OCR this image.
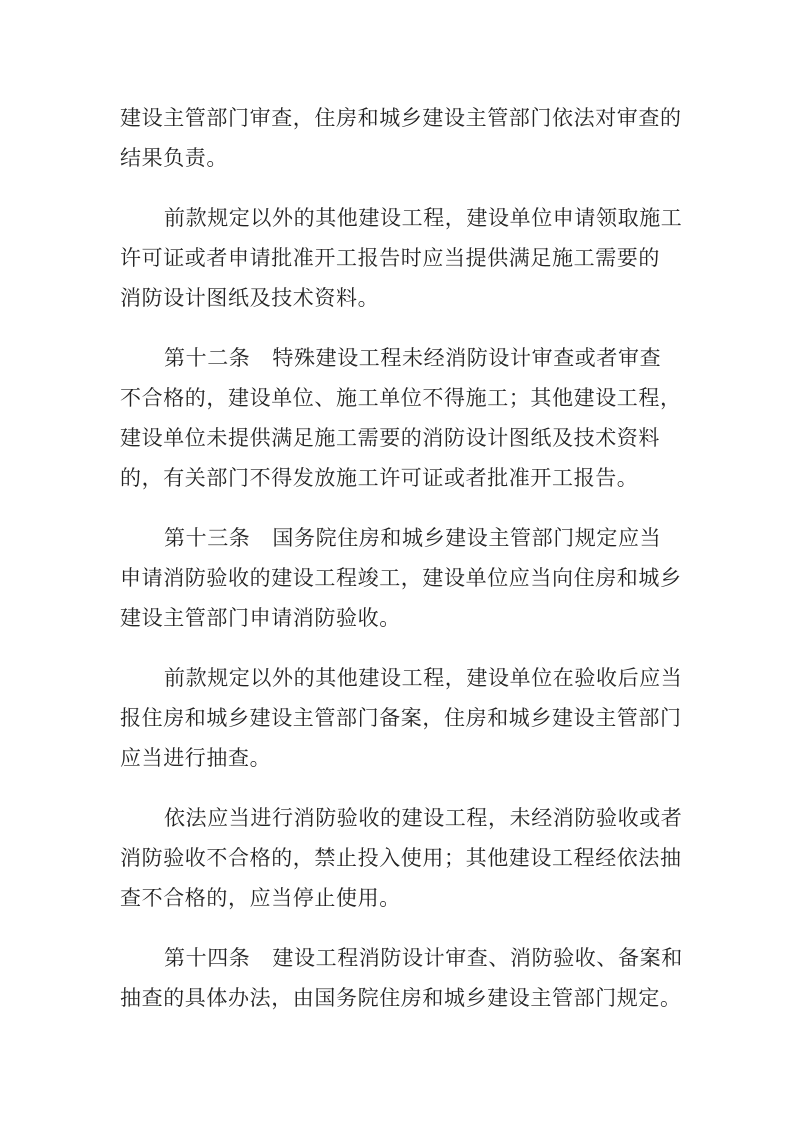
建设主管部门审查，住房和城乡建设主管部门依法对审查的
结果负责。

前款规定以外的其他建设工程，建设单位申请领取施工
许可证或者申请批准开工报告时应当提供满足施工需要的
消防设计图纸及技术资料。

第十二条 特殊建设工程未经消防设计审查或者审查
不合格的，建设单位、施工单位不得施工；其他建设工程，
建设单位未提供满足施工需要的消防设计图纸及技术资料
的，有关部门不得发放施工许可证或者批准开工报告。

第十三条 国务院住房和城乡建设主管部门规定应当
申请消防验收的建设工程竣工，建设单位应当向住房和城乡
建设主管部门申请消防验收。

前款规定以外的其他建设工程，建设单位在验收后应当
报住房和城乡建设主管部门备案，住房和城乡建设主管部门
应当进行抽查。

依法应当进行消防验收的建设工程，未经消防验收或者
消防验收不合格的，禁止投入使用；其他建设工程经依法抽
查不合格的，应当停止使用。

第十四条 建设工程消防设计审查、消防验收、备案和
抽查的具体办法，由国务院住房和城乡建设主管部门规定。
